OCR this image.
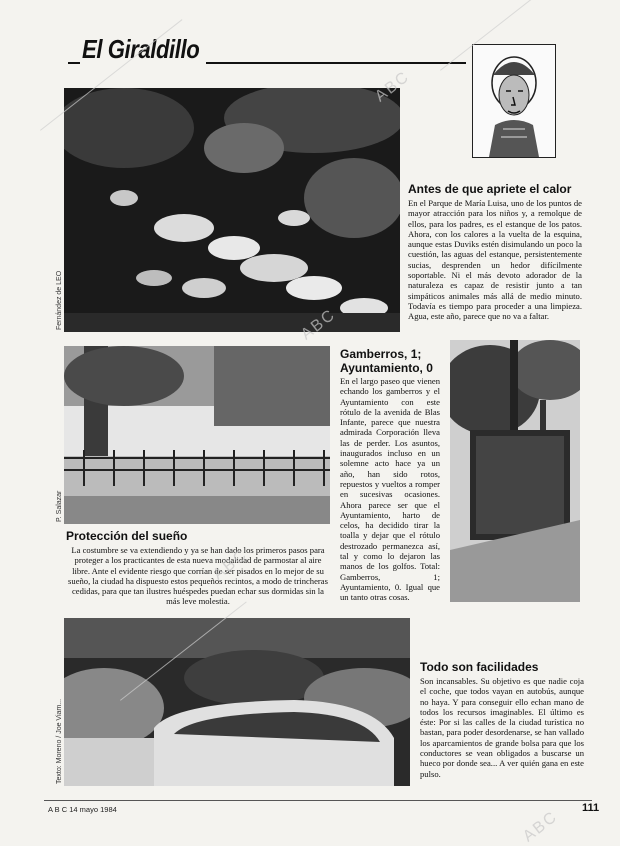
El Giraldillo
Fernández de LEO
Antes de que apriete el calor
En el Parque de María Luisa, uno de los puntos de mayor atracción para los niños y, a remolque de ellos, para los padres, es el estanque de los patos. Ahora, con los calores a la vuelta de la esquina, aunque estas Duviks estén disimulando un poco la cuestión, las aguas del estanque, persistentemente sucias, desprenden un hedor difícilmente soportable. Ni el más devoto adorador de la naturaleza es capaz de resistir junto a tan simpáticos animales más allá de medio minuto. Todavía es tiempo para proceder a una limpieza. Agua, este año, parece que no va a faltar.
P. Salazar
Protección del sueño
La costumbre se va extendiendo y ya se han dado los primeros pasos para proteger a los practicantes de esta nueva modalidad de parmostar al aire libre. Ante el evidente riesgo que corrían de ser pisados en lo mejor de su sueño, la ciudad ha dispuesto estos pequeños recintos, a modo de trincheras cedidas, para que tan ilustres huéspedes puedan echar sus dormidas sin la más leve molestia.
Gamberros, 1; Ayuntamiento, 0
En el largo paseo que vienen echando los gamberros y el Ayuntamiento con este rótulo de la avenida de Blas Infante, parece que nuestra admirada Corporación lleva las de perder. Los asuntos, inaugurados incluso en un solemne acto hace ya un año, han sido rotos, repuestos y vueltos a romper en sucesivas ocasiones. Ahora parece ser que el Ayuntamiento, harto de celos, ha decidido tirar la toalla y dejar que el rótulo destrozado permanezca así, tal y como lo dejaron las manos de los golfos. Total: Gamberros, 1; Ayuntamiento, 0. Igual que un tanto otras cosas.
Texto: Moreno / Joe Viam...
Todo son facilidades
Son incansables. Su objetivo es que nadie coja el coche, que todos vayan en autobús, aunque no haya. Y para conseguir ello echan mano de todos los recursos imaginables. El último es éste: Por si las calles de la ciudad turística no bastan, para poder desordenarse, se han vallado los aparcamientos de grande bolsa para que los conductores se vean obligados a buscarse un hueco por donde sea... A ver quién gana en este pulso.
A B C 14 mayo 1984	111
ABC
ABC
ABC
ABC
